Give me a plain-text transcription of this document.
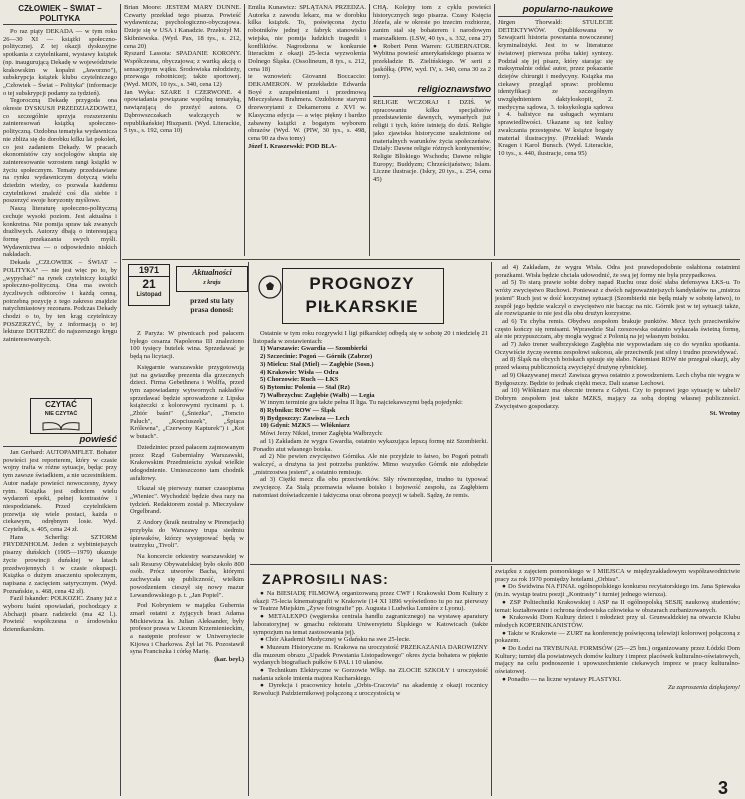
CZŁOWIEK – ŚWIAT – POLITYKA

Po raz piąty DEKADA — w tym roku 26—30 XI — książki społeczno-politycznej. Z tej okazji dyskusyjne spotkania z czytelnikami, wystawy książek (np. inaugurującą Dekadę w województwie krakowskim w kopalni „Jaworzno"), subskrypcja książek klubu czytelniczego „Człowiek – Świat – Polityka" (informacje o tej subskrypcji podamy za tydzień).

Tegoroczną Dekadę przygoda ona okresie DYSKUSJI PRZEDZJAZDOWEJ, co szczególnie sprzyja rozszerzeniu zainteresowań książką społeczno-polityczną. Ozdobna tematyka wydawnicza nie zbliża się do dorobku kilku lat pokoleń, co jest zadaniem Dekady. W pracach ekonomistów czy socjologów skupia się zainteresowanie wzrostem rangi książki w życiu społecznym. Tematy przedstawiane na rynku wydawniczym dotyczą wielu dziedzin wiedzy, co pozwala każdemu czytelnikowi znaleźć coś dla siebie i poszerzyć swoje horyzonty myślowe.

Naszą literaturę społeczno-polityczną cechuje wysoki poziom. Jest aktualna i konkretna. Nie pomija spraw tak zwanych drażliwych. Autorzy dbają o interesującą formę przekazania swych myśli. Wydawnictwa — o odpowiednio niskich nakładach.

Dekada „CZŁOWIEK – ŚWIAT – POLITYKA" — nie jest więc po to, by „wypychać" na rynek czytelniczy książki społeczno-polityczną. Ona ma swoich życzliwych odbiorców i każdą cenną, potrzebną pozycję z tego zakresu znajdzie natychmiastowy rezonans. Podczas Dekady chodzi o to, by ten krąg czytelniczy POSZERZYĆ, by z informacją o tej lekturze DOTRZEĆ do najszerszego kręgu zainteresowanych.

CZYTAĆ
NIE CZYTAĆ
powieść

Jan Gerhard: AUTOPAMFLET. Bohater powieści jest reporterem, który w czasie wojny trafia w różne sytuacje, będąc przy tym zawsze świadkiem, a nie uczestnikiem. Autor nadaje powieści nowoczesny, żywy rytm. Książka jest odbiciem wielu wydarzeń epoki, pełnej kontrastów i niespodzianek. Przed czytelnikiem przewija się wiele postaci, każda o ciekawym, odrębnym losie. Wyd. Czytelnik, s. 405, cena 24 zł.

Hans Scherfig: SZTORM FRYDENHOLM. Jeden z wybitniejszych pisarzy duńskich (1905—1979) ukazuje życie prowincji duńskiej w latach przedwojennych i w czasie okupacji. Książka o dużym znaczeniu społecznym, napisana z zacięciem satyrycznym. (Wyd. Poznańskie, s. 468, cena 42 zł).

Fazil Iskander: POLKOZIC. Znany już z wyboru baśni opowiadań, pochodzący z Abchazji pisarz radziecki (ma 42 l.). Powieść współczesna o środowisku dziennikarskim.

Brian Moore: JESTEM MARY DUNNE. Czwarty przekład tego pisarza. Powieść wydawnicza; psychologiczno-obyczajowa. Dzieje się w USA i Kanadzie. Przełożył M. Skibniewska. (Wyd. Pax, 18 tys., s. 212, cena 20)

Ryszard Lassota: SPADANIE KORONY. Współczesna, obyczajowa; z wartką akcją o sensacyjnym wątku. Środowiska młodzieży, przewaga robotniczej; także sportowej. (Wyd. MON, 10 tys., s. 340, cena 12)

Jan Wyka: SZARE I CZERWONE. 4 opowiadania powiązane wspólną tematyką, nawiązującą do przeżyć autora. O Dąbrowszczakach walczących w republikańskiej Hiszpanii. (Wyd. Literackie, 5 tys., s. 192, cena 10)

Emilia Kunawicz: SPLĄTANA PRZEDZA. Autorka z zawodu lekarz, ma w dorobku kilka książek. To, poświęcona życiu robotników jednej z fabryk stanowisko wiejska, nie pomija ludzkich tragedii i konfliktów. Nagrodzona w konkursie literackim z okazji 25-lecia wyzwolenia Dolnego Śląska. (Ossolineum, 8 tys., s. 212, cena 18)

ie wznowień: Giovanni Boccaccio: DEKAMERON. W przekładzie Edwarda Boyé z uzupełnieniami i przedmową Mieczysława Brahmera. Ozdobione starymi drzeworytami z Dekameronu z XVI w. Klasyczna edycja — a więc piękny i bardzo zabawny książki z bogatym wyborem obrazów (Wyd. W. (PIW, 30 tys., s. 498, cena 90 za dwa tomy)

Józef I. Kraszewski: POD BLA-

CHĄ. Kolejny tom z cyklu powieści historycznych tego pisarza. Czasy Księcia Józefa, ale w okresie po trzecim rozbiorze, zanim stał się bohaterem i narodowym marszałkiem. (LSW, 40 tys., s. 332, cena 27) ● Robert Penn Warren: GUBERNATOR. Wybitna powieść amerykańskiego pisarza w przekładzie B. Zielińskiego. W serii z jaskółką. (PIW, wyd. IV, s. 340, cena 30 za 2 tomy).

religioznawstwo

RELIGIE WCZORAJ I DZIŚ. W opracowaniu kilku specjalistów przedstawienie dawnych, wymarłych już religii i tych, które istnieją do dziś. Religie jako zjawiska historyczne uzależnione od materialnych warunków życia społeczeństw. Działy: Dawne religie różnych kontynentów; Religie Bliskiego Wschodu; Dawne religie Europy; Buddyzm; Chrześcijaństwo; Islam. Liczne ilustracje. (Iskry, 20 tys., s. 254, cena 45)

popularno-naukowe

Jürgen Thorwald: STULECIE DETEKTYWÓW. Opublikowana w Szwajcarii historia powstania nowoczesnej kryminalistyki. Jest to w literaturze światowej pierwsza próba takiej syntezy. Podział się jej pisarz, który starając się maksymalnie oddać autor, przez pokazanie dziejów chirurgii i medycyny. Książka ma ciekawy przegląd spraw: problemu identyfikacji ze szczególnym uwzględnieniem daktyloskopii, 2. medycyna sądowa, 3. toksykologia sądowa i 4. balistyce na usługach wymiaru sprawiedliwości. Ukazane są też kulisy zwalczania przestępstw. W książce bogaty materiał ilustracyjny. (Przekład: Wanda Kragen i Karol Bunsch. (Wyd. Literackie, 10 tys., s. 440, ilustracje, cena 95)

1971
21
Listopad
Aktualności
z kraju
przed stu laty prasa donosi:

Z Paryża: W piwnicach pod pałacem byłego cesarza Napoleona III znaleziono 100 tysięcy butelek wina. Sprzedawać je będą na licytacji.

Księgarnie warszawskie przygotowują już na gwiazdkę prezenta dla grzecznych dzieci. Firma Gebethnera i Wolffa, przed tym zapowiadamy wytwornych nakładów sprzedawać będzie sprowadzone z Lipska książeczki z kolorowymi rycinami p. t. „Zbiór baśni" („Śnieżka", „Tomcio Paluch", „Kopciuszek", „Śpiąca Królewna", „Czerwony Kapturek") i „Kot w butach".

Dziedziniec przed pałacem zajmowanym przez Rząd Gubernialny Warszawski, Krakowskim Przedmieściu zyskał wielkie udogodnienie. Umieszczono tam chodnik asfaltowy.

Ukazał się pierwszy numer czasopisma „Wieniec". Wychodzić będzie dwa razy na tydzień. Redaktorem został p. Mieczysław Orgelbrand.

Z Andory (kraik neutralny w Pirenejach) przybyła do Warszawy trupa siedmiu śpiewaków, którzy występować będą w teatrzyku „Tivoli".

Na koncercie orkiestry warszawskiej w sali Resursy Obywatelskiej było około 800 osób. Prócz utworów Bacha, którymi zachwycała się publiczność, wielkim powodzeniem cieszył się nowy mazur Lewandowskiego p. t. „Jan Popiel".

Pod Kobryniem w majątku Gubernia zmarł ostatni z żyjących braci Adama Mickiewicza ks. Julian Aleksander, były profesor prawa w Liceum Krzemienieckim, a następnie profesor w Uniwersytecie Kijowa i Charkowa. Żył lat 76. Pozostawił syna Franciszka i córkę Marię.

(kar. beyl.)
PROGNOZY PIŁKARSKIE

Ostatnie w tym roku rozgrywki I ligi piłkarskiej odbędą się w sobotę 20 i niedzielę 21 listopada w zestawieniach:

1) Warszawie: Gwardia — Szombierki

2) Szczecinie: Pogoń — Górnik (Zabrze)

3) Mielcu: Stal (Miel) — Zagłębie (Sosn.)

4) Krakowie: Wisła — Odra

5) Chorzowie: Ruch — ŁKS

6) Bytomiu: Polonia — Stal (Rz)

7) Wałbrzychu: Zagłębie (Wałb) — Legia

W innym terminie gra także pełna II liga. Tu najciekawszymi będą pojedynki:

8) Rybniku: ROW — Śląsk

9) Bydgoszczy: Zawisza — Lech

10) Gdyni: MZKS — Włókniarz

Mówi Jerzy Nikiel, trener Zagłębia Wałbrzych:

ad 1) Zakładam że wygra Gwardia, ostatnio wykazująca lepszą formę niż Szombierki. Ponadto atut własnego boiska.

ad 2) Nie pewien zwycięstwo Górnika. Ale nie przyjdzie to łatwo, bo Pogoń potrafi walczyć, a drużyna ta jest potrzeba punktów. Mimo wszystko Górnik nie zdobędzie „mistrzostwa jesieni", a ostatnio remisuje.

ad 3) Ciężki mecz dla obu przeciwników. Siły równorzędne, trudno tu typować zwycięzcę. Za Stalą przemawia własne boisko i bojowość zespołu, za Zagłębiem natomiast doświadczenie i taktyczna oraz obrona pozycji w tabeli. Sądzę, że remis.

ad 4) Zakładam, że wygra Wisła. Odra jest prawdopodobnie osłabiona ostatnimi porażkami. Wisła będzie chciała udowodnić, że swą jej formy nie była przypadkowa.

ad 5) To starą prawie sobie dobry napad Ruchu oraz dość słaba defensywa ŁKS-u. To wróży zwycięstwo Ruchowi. Ponieważ z dwóch najpoważniejszych kandydatów na „mistrza jesieni" Ruch jest w dość korzystnej sytuacji (Szombierki nie będą miały w sobotę łatwo), to zespół jego będzie walczył o zwycięstwo nie bacząc na nic. Górnik jest w tej sytuacji także, ale rozwiązanie to nie jest dla obu drużyn korzystne.

ad 6) Tu chyba remis. Obydwu zespołom brakuje punktów. Mecz tych przeciwników często kończy się remisami. Wprawdzie Stal rzeszowska ostatnio wykazała świetną formę, ale nie przypuszczam, aby mogła wygrać z Polonią na jej własnym boisku.

ad 7) Jako trener wałbrzyskiego Zagłębia nie wypowiadam się co do wyniku spotkania. Oczywiście życzę swemu zespołowi sukcesu, ale przeciwnik jest silny i trudno przewidywać.

ad 8) Śląsk na obcych boiskach spisuje się słabo. Natomiast ROW nie przegrał okazji, aby przed własną publicznością zwyciężyć drużynę rybnickiej.

ad 9) Okazywanej mecz! Zawisza grywa ostatnio z powodzeniem. Lech chyba nie wygra w Bydgoszczy. Będzie to jednak ciężki mecz. Dali szanse Lechowi.

ad 10) Włókniarz ma obecnie trenera z Gdyni. Czy to poprawi jego sytuację w tabeli? Dobrym zespołem jest także MZKS, mający za sobą doping własnej publiczności. Zwycięstwo gospodarzy.

St. Wrotny
ZAPROSILI NAS:

● Na BIESIADĘ FILMOWĄ organizowaną przez CWF i Krakowski Dom Kultury z okazji 75-lecia kinematografii w Krakowie (14 XI 1896 wyświetlono tu po raz pierwszy w Teatrze Miejskim „Żywe fotografie" pp. Augusta i Ludwika Lumière z Lyonu).

● METALEXPO (węgierska centrala handlu zagranicznego) na wystawę aparatury laboratoryjnej w gmachu rektoratu Uniwersytetu Śląskiego w Katowicach (także sympozjum na temat zastosowania jej).

● Chór Akademii Medycznej w Gdańsku na swe 25-lecie.

● Muzeum Historyczne m. Krakowa na uroczystość PRZEKAZANIA DAROWIZNY dla muzeum obrazu „Upadek Powstania Listopadowego" okres życia bohatera w pięknie wydanych biografiach pułków 6 PAL i 10 ułanów.

● Technikum Elektryczne w Gorzowie Wlkp. na ZLOCIE SZKOŁY i uroczystość nadania szkole imienia majora Kucharskiego.

● Dyrekcja i pracownicy hotelu „Orbis-Cracovia" na akademię z okazji rocznicy Rewolucji Październikowej połączoną z uroczystością w

związku z zajęciem pomorskiego w I MIEJSCA w międzyzakładowym współzawodnictwie pracy za rok 1970 pomiędzy hotelami „Orbisu".

● Do Świdwina NA FINAŁ ogólnopolskiego konkursu recytatorskiego im. Jana Spiewaka (m.in. wystąp teatru poezji „Kontrasty" i turniej jednego wiersza).

● ZSP Politechniki Krakowskiej i ASP na II ogólnopolską SESJĘ naukową studentów; temat: kształtowanie i ochrona środowiska człowieka w obszarach zurbanizowanych.

● Krakowski Dom Kultury dzieci i młodzież przy ul. Grunwaldzkiej na otwarcie Klubu młodych KOPERNIKANISTÓW.

● Także w Krakowie — ZURT na konferencję poświęconą telewizji kolorowej połączoną z pokazem.

● Do Łodzi na TRYBUNAŁ FORMSÓW (25—25 bm.) organizowany przez Łódzki Dom Kultury; turniej dla powiatowych domów kultury i imprez placówek kulturalno-oświatowych, mający na celu podnoszenie i upowszechnienie ciekawych imprez w pracy kulturalno-oświatowej.

● Ponadto — na liczne wystawy PLASTYKI.

Za zaproszenia dziękujemy!
3
